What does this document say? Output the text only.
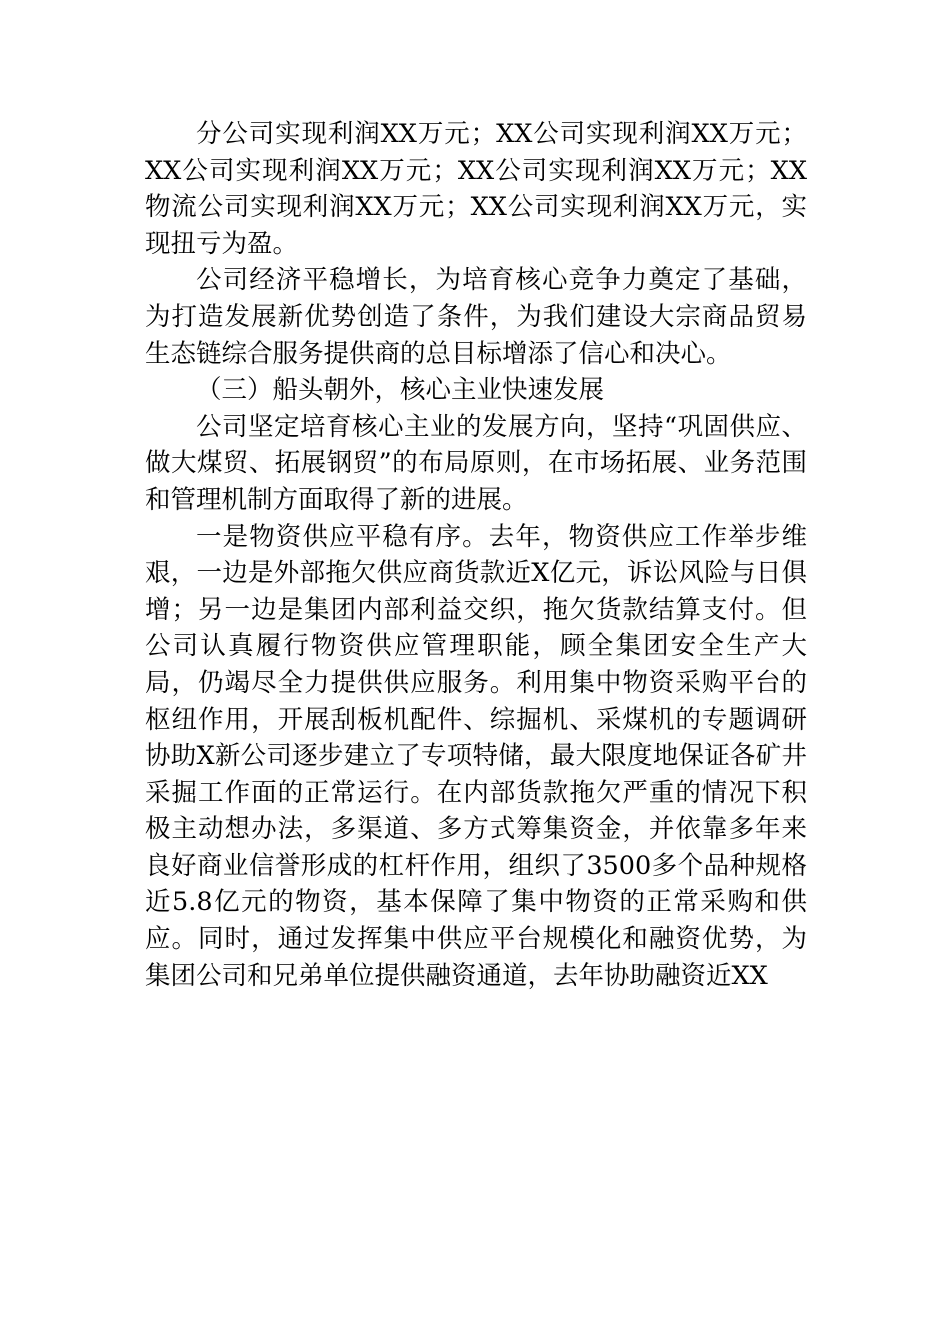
分公司实现利润XX万元；XX公司实现利润XX万元；XX公司实现利润XX万元；XX公司实现利润XX万元；XX物流公司实现利润XX万元；XX公司实现利润XX万元，实现扭亏为盈。

公司经济平稳增长，为培育核心竞争力奠定了基础，为打造发展新优势创造了条件，为我们建设大宗商品贸易生态链综合服务提供商的总目标增添了信心和决心。

（三）船头朝外，核心主业快速发展

公司坚定培育核心主业的发展方向，坚持“巩固供应、做大煤贸、拓展钢贸”的布局原则，在市场拓展、业务范围和管理机制方面取得了新的进展。

一是物资供应平稳有序。去年，物资供应工作举步维艰，一边是外部拖欠供应商货款近X亿元，诉讼风险与日俱增；另一边是集团内部利益交织，拖欠货款结算支付。但公司认真履行物资供应管理职能，顾全集团安全生产大局，仍竭尽全力提供供应服务。利用集中物资采购平台的枢纽作用，开展刮板机配件、综掘机、采煤机的专题调研协助X新公司逐步建立了专项特储，最大限度地保证各矿井采掘工作面的正常运行。在内部货款拖欠严重的情况下积极主动想办法，多渠道、多方式筹集资金，并依靠多年来良好商业信誉形成的杠杆作用，组织了3500多个品种规格近5.8亿元的物资，基本保障了集中物资的正常采购和供应。同时，通过发挥集中供应平台规模化和融资优势，为集团公司和兄弟单位提供融资通道，去年协助融资近XX
